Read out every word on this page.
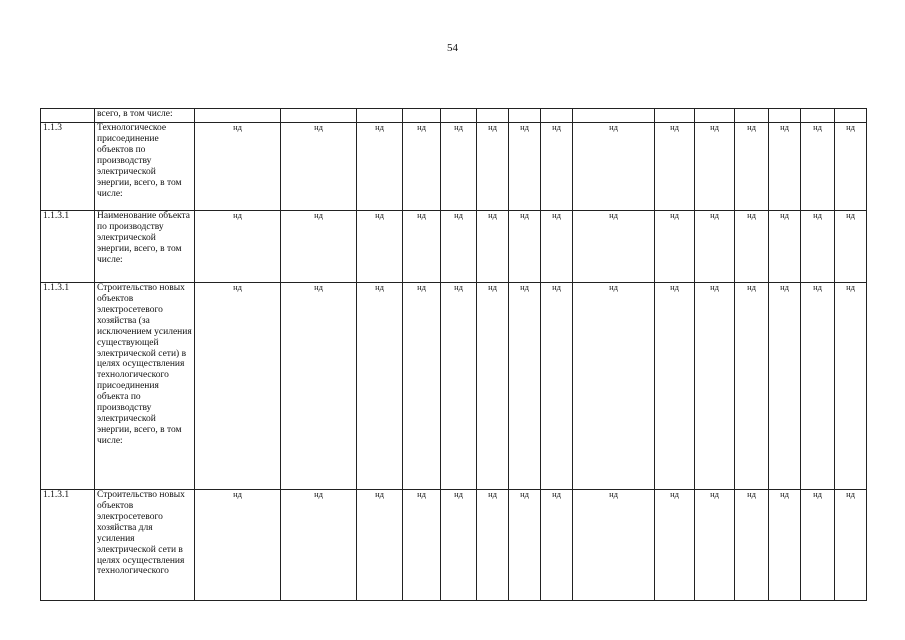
54
	всего, в том числе:															
1.1.3	Технологическое присоединение объектов по производству электрической энергии, всего, в том числе:	нд	нд	нд	нд	нд	нд	нд	нд	нд	нд	нд	нд	нд	нд	нд
1.1.3.1	Наименование объекта по производству электрической энергии, всего, в том числе:	нд	нд	нд	нд	нд	нд	нд	нд	нд	нд	нд	нд	нд	нд	нд
1.1.3.1	Строительство новых объектов электросетевого хозяйства (за исключением усиления существующей электрической сети) в целях осуществления технологического присоединения объекта по производству электрической энергии, всего, в том числе:	нд	нд	нд	нд	нд	нд	нд	нд	нд	нд	нд	нд	нд	нд	нд
1.1.3.1	Строительство новых объектов электросетевого хозяйства для усиления электрической сети в целях осуществления технологического	нд	нд	нд	нд	нд	нд	нд	нд	нд	нд	нд	нд	нд	нд	нд
